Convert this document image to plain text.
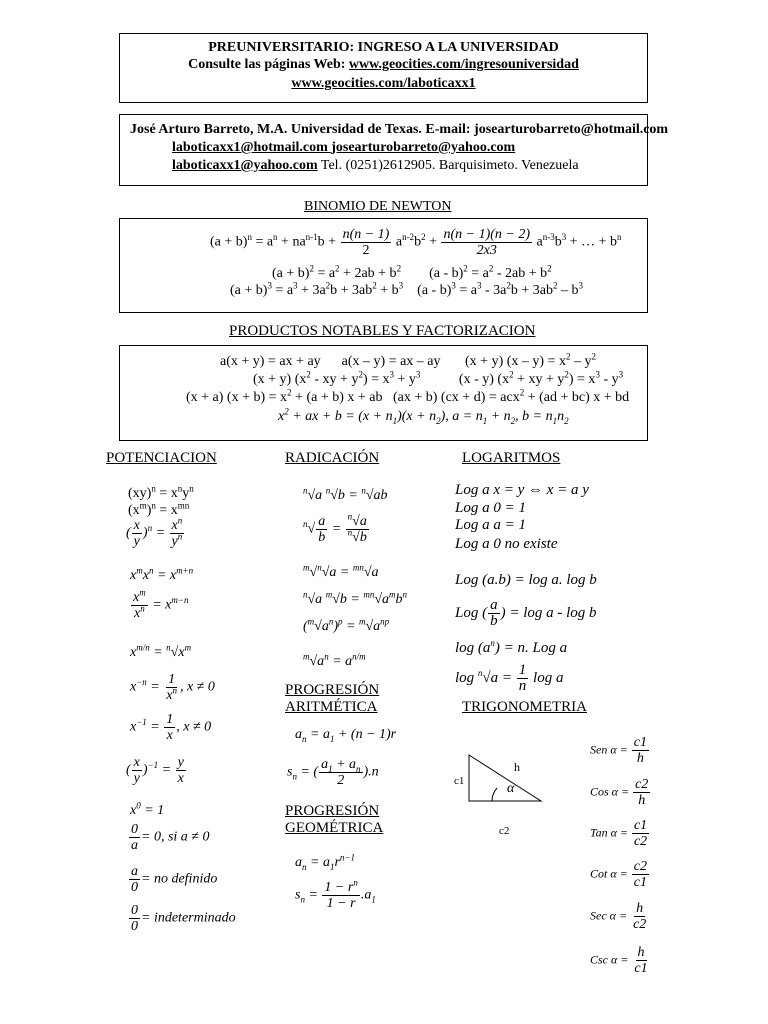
PREUNIVERSITARIO: INGRESO A LA UNIVERSIDAD
Consulte las páginas Web: www.geocities.com/ingresouniversidad
www.geocities.com/laboticaxx1
José Arturo Barreto, M.A. Universidad de Texas. E-mail: josearturobarreto@hotmail.com
laboticaxx1@hotmail.com josearturobarreto@yahoo.com
laboticaxx1@yahoo.com Tel. (0251)2612905. Barquisimeto. Venezuela
BINOMIO DE NEWTON
$(a + b)^n = a^n + na^{n-1}b + \frac{n(n - 1)}{2} a^{n-2}b^2 + \frac{n(n - 1)(n - 2)}{2x3} a^{n-3}b^3$ + … + $b^n$
$(a + b)^2 = a^2 + 2ab + b^2$        $(a - b)^2 = a^2 - 2ab + b^2$
$(a + b)^3 = a^3 + 3a^2b + 3ab^2 + b^3$    $(a - b)^3 = a^3 - 3a^2b + 3ab^2 - b^3$
PRODUCTOS NOTABLES Y FACTORIZACION
a(x + y) = ax + ay      a(x – y) = ax – ay       (x + y) $(x - y) = x^2 - y^2$
(x + y) ($x^2$ - xy + $y^2) = x^3 + y^3$           (x - y) ($x^2$ + xy + $y^2) = x^3 - y^3$
(x + a) $(x + b) = x^2 + (a + b) x$ + ab   (ax + b) (cx + d) = acx$^2$ + (ad + bc) x + bd
$x^2$ + ax + $b = (x + n_1)(x + n_2)$, $a = n_1 + n_2$, $b = n_1n_2$
POTENCIACION	RADICACIÓN	LOGARITMOS
$(xy)^n = x^ny^n$
$(x^m)^n = x^{mn}$
( $\frac{x}{y} )^n = \frac{x^n}{y^n}$
$x^mx^n = x^{m+n}$
$\frac{x^m}{x^n} = x^{m-n}$
$x^{m/n} = ^n√x^m$
$x^{-n} = \frac{1}{x^n}$ , x ≠ 0
$x^{-1} = \frac{1}{x}$ , x ≠ 0
( $\frac{x}{y} )^{-1} = \frac{y}{x}$
$x^0 = 1$
$\frac{0}{a} = 0$, si a ≠ 0
$\frac{a}{0}$ = no definido
$\frac{0}{0}$ = indeterminado
$^n$√a $^n$√b = $^n$√ab
$^n√ \frac{a}{b} = \frac{^n√a}{^n√b}$
$^m$√$^n$√a = $^{mn}$√a
$^n$√a $^m√b = ^{mn}√a^mb^n$
$(^m√a^n)^p = ^m√a^{np}$
$^m√a^n = a^{n/m}$
PROGRESIÓN
ARITMÉTICA
$a_n = a_1 + (n - 1)r$
$s_n$ = ( $\frac{a_1 + a_n}{2} ).n$
PROGRESIÓN
GEOMÉTRICA
$a_n = a_1r^{n-1}$
$s_n = \frac{1 - r^n}{1 - r} .a_1$
Log a x = y ⇔ x = a y
Log a 0 = 1
Log a a = 1
Log a 0 no existe
Log (a.b) = log a. log b
Log ( $\frac{a}{b}$ ) = log a - log b
$\log (a^n) = n$. Log a
$\log ^n√a = \frac{1}{n}$ log a
TRIGONOMETRIA
h
c1
c2
α
Sen $\alpha = \frac{c1}{h}$
Cos $\alpha = \frac{c2}{h}$
Tan $\alpha = \frac{c1}{c2}$
Cot $\alpha = \frac{c2}{c1}$
Sec $\alpha = \frac{h}{c2}$
Csc $\alpha = \frac{h}{c1}$
